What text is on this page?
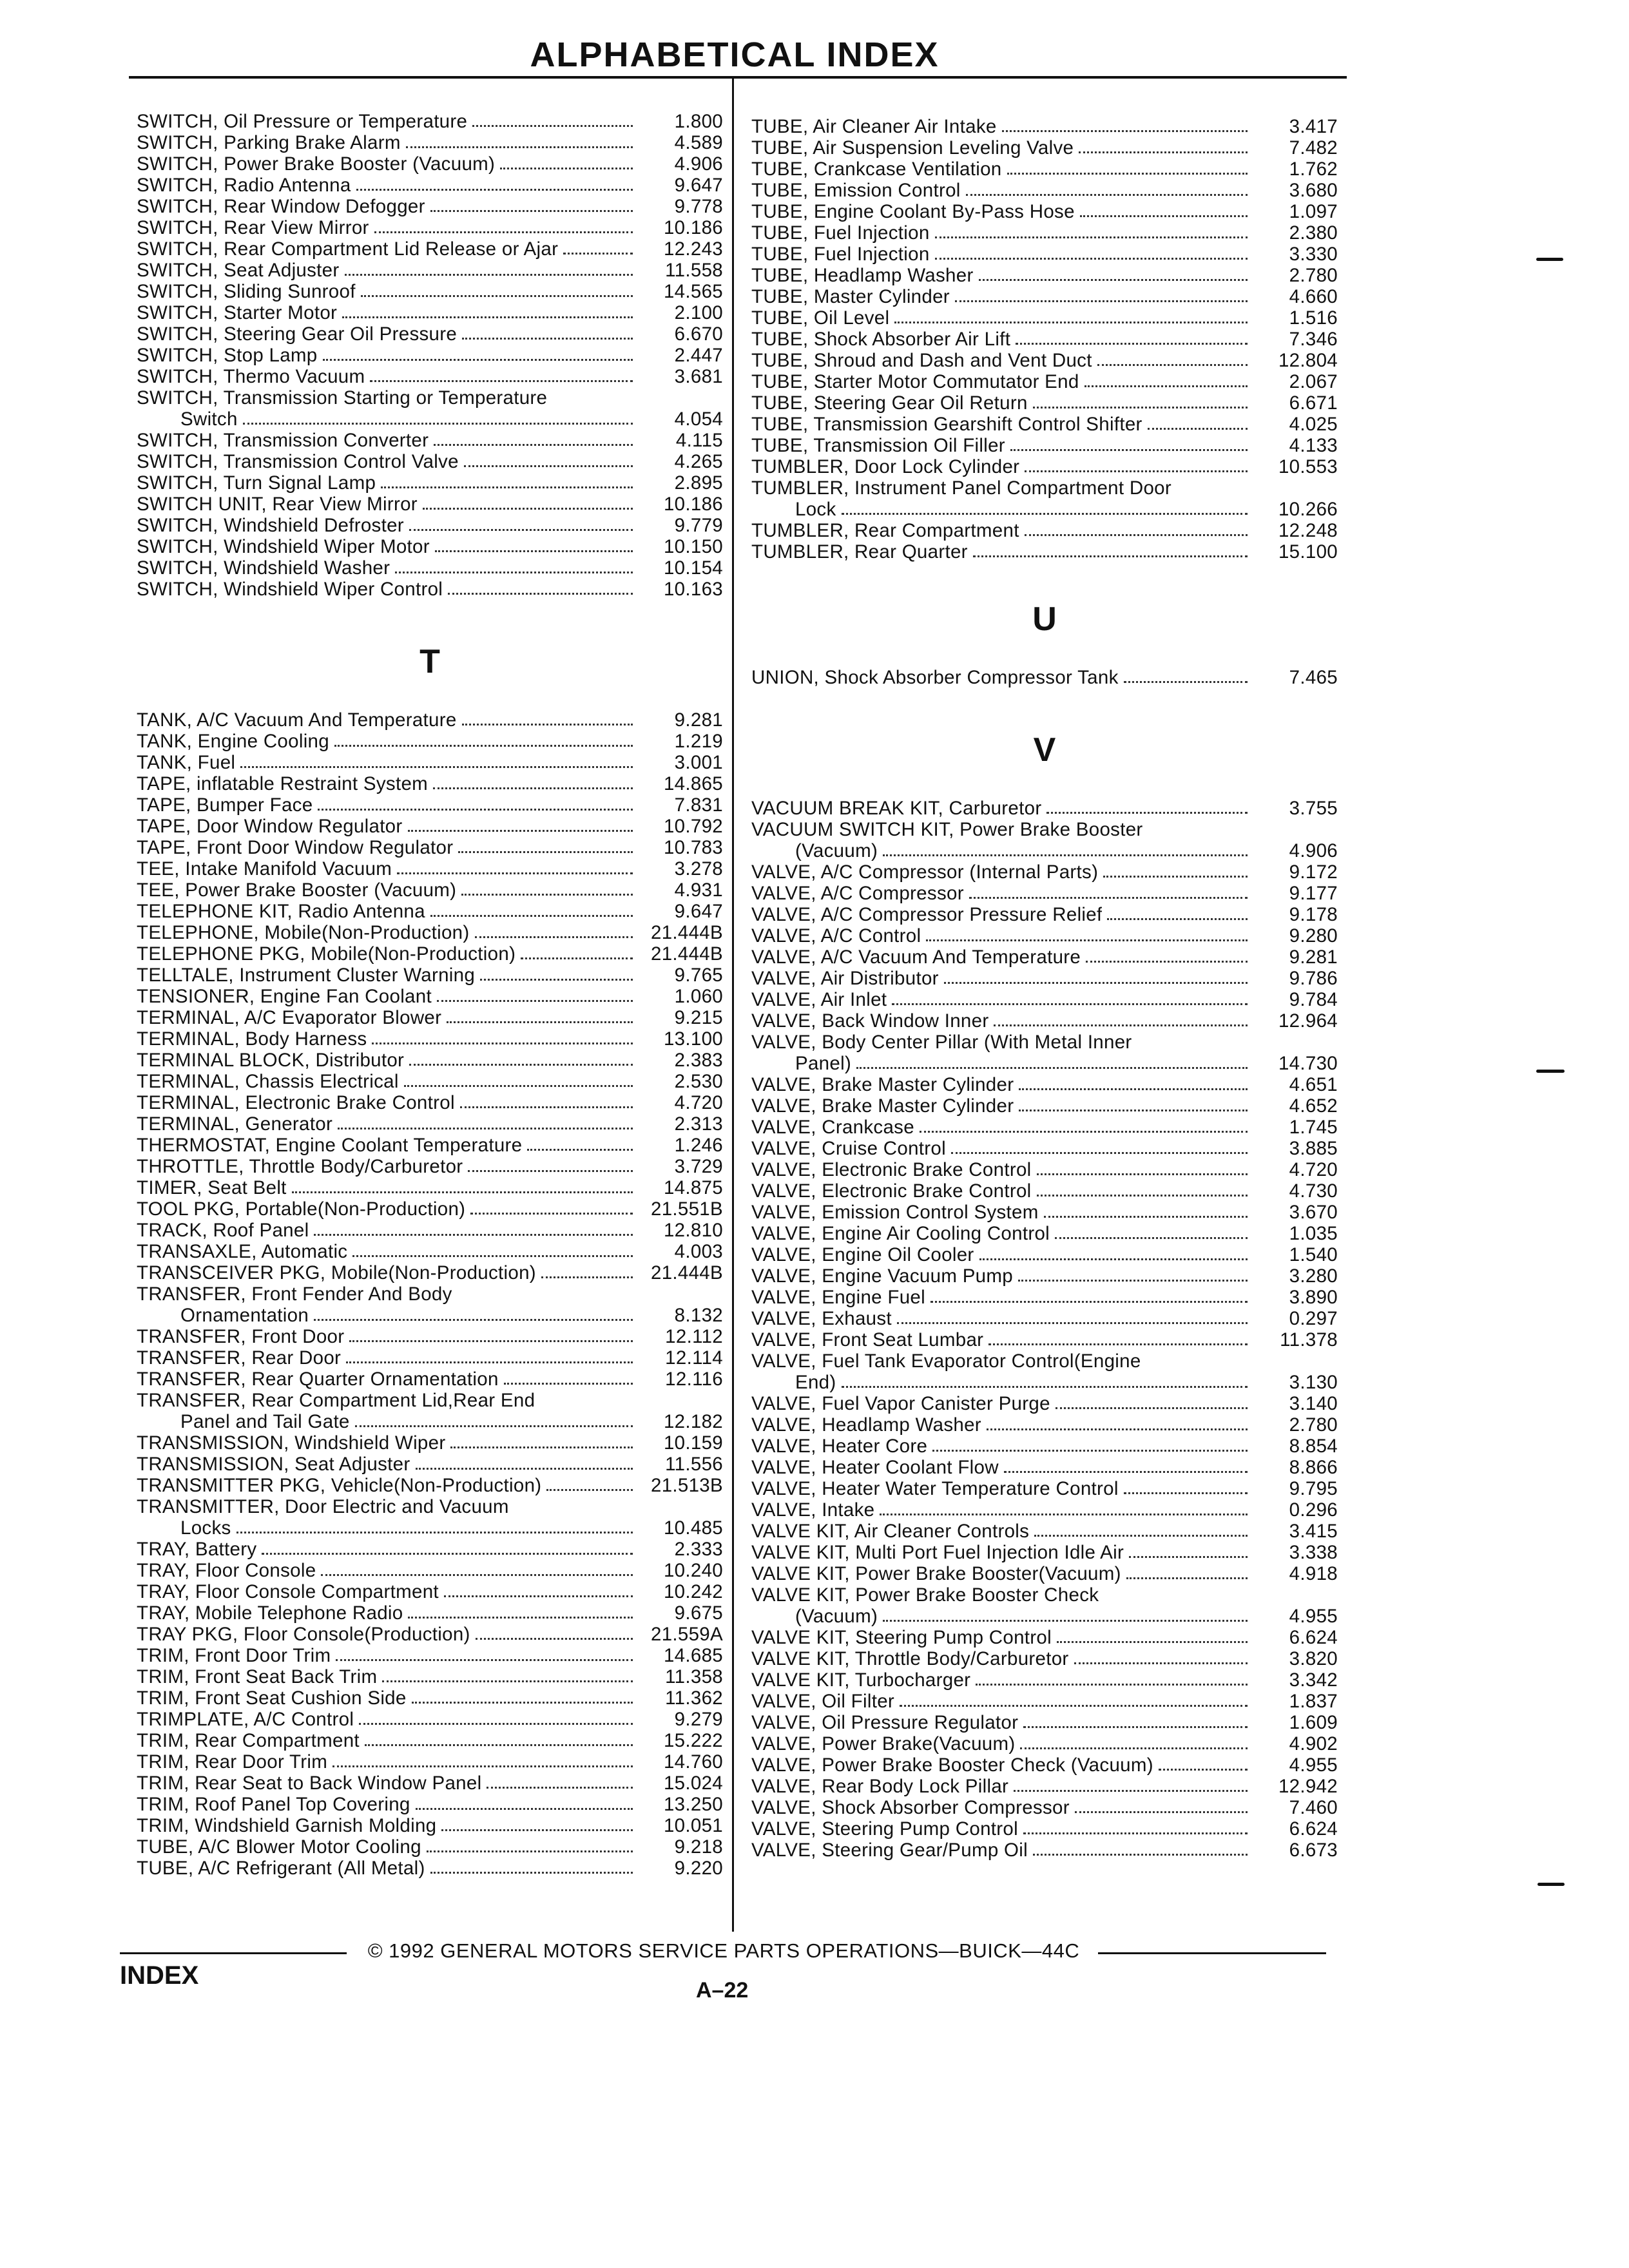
ALPHABETICAL INDEX
SWITCH, Oil Pressure or Temperature	1.800
SWITCH, Parking Brake Alarm	4.589
SWITCH, Power Brake Booster (Vacuum)	4.906
SWITCH, Radio Antenna	9.647
SWITCH, Rear Window Defogger	9.778
SWITCH, Rear View Mirror	10.186
SWITCH, Rear Compartment Lid Release or Ajar	12.243
SWITCH, Seat Adjuster	11.558
SWITCH, Sliding Sunroof	14.565
SWITCH, Starter Motor	2.100
SWITCH, Steering Gear Oil Pressure	6.670
SWITCH, Stop Lamp	2.447
SWITCH, Thermo Vacuum	3.681
SWITCH, Transmission Starting or Temperature
Switch	4.054
SWITCH, Transmission Converter	4.115
SWITCH, Transmission Control Valve	4.265
SWITCH, Turn Signal Lamp	2.895
SWITCH UNIT, Rear View Mirror	10.186
SWITCH, Windshield Defroster	9.779
SWITCH, Windshield Wiper Motor	10.150
SWITCH, Windshield Washer	10.154
SWITCH, Windshield Wiper Control	10.163
T
TANK, A/C Vacuum And Temperature	9.281
TANK, Engine Cooling	1.219
TANK, Fuel	3.001
TAPE, inflatable Restraint System	14.865
TAPE, Bumper Face	7.831
TAPE, Door Window Regulator	10.792
TAPE, Front Door Window Regulator	10.783
TEE, Intake Manifold Vacuum	3.278
TEE, Power Brake Booster (Vacuum)	4.931
TELEPHONE KIT, Radio Antenna	9.647
TELEPHONE, Mobile(Non-Production)	21.444B
TELEPHONE PKG, Mobile(Non-Production)	21.444B
TELLTALE, Instrument Cluster Warning	9.765
TENSIONER, Engine Fan Coolant	1.060
TERMINAL, A/C Evaporator Blower	9.215
TERMINAL, Body Harness	13.100
TERMINAL BLOCK, Distributor	2.383
TERMINAL, Chassis Electrical	2.530
TERMINAL, Electronic Brake Control	4.720
TERMINAL, Generator	2.313
THERMOSTAT, Engine Coolant Temperature	1.246
THROTTLE, Throttle Body/Carburetor	3.729
TIMER, Seat Belt	14.875
TOOL PKG, Portable(Non-Production)	21.551B
TRACK, Roof Panel	12.810
TRANSAXLE, Automatic	4.003
TRANSCEIVER PKG, Mobile(Non-Production)	21.444B
TRANSFER, Front Fender And Body
Ornamentation	8.132
TRANSFER, Front Door	12.112
TRANSFER, Rear Door	12.114
TRANSFER, Rear Quarter Ornamentation	12.116
TRANSFER, Rear Compartment Lid,Rear End
Panel and Tail Gate	12.182
TRANSMISSION, Windshield Wiper	10.159
TRANSMISSION, Seat Adjuster	11.556
TRANSMITTER PKG, Vehicle(Non-Production)	21.513B
TRANSMITTER, Door Electric and Vacuum
Locks	10.485
TRAY, Battery	2.333
TRAY, Floor Console	10.240
TRAY, Floor Console Compartment	10.242
TRAY, Mobile Telephone Radio	9.675
TRAY PKG, Floor Console(Production)	21.559A
TRIM, Front Door Trim	14.685
TRIM, Front Seat Back Trim	11.358
TRIM, Front Seat Cushion Side	11.362
TRIMPLATE, A/C Control	9.279
TRIM, Rear Compartment	15.222
TRIM, Rear Door Trim	14.760
TRIM, Rear Seat to Back Window Panel	15.024
TRIM, Roof Panel Top Covering	13.250
TRIM, Windshield Garnish Molding	10.051
TUBE, A/C Blower Motor Cooling	9.218
TUBE, A/C Refrigerant (All Metal)	9.220
TUBE, Air Cleaner Air Intake	3.417
TUBE, Air Suspension Leveling Valve	7.482
TUBE, Crankcase Ventilation	1.762
TUBE, Emission Control	3.680
TUBE, Engine Coolant By-Pass Hose	1.097
TUBE, Fuel Injection	2.380
TUBE, Fuel Injection	3.330
TUBE, Headlamp Washer	2.780
TUBE, Master Cylinder	4.660
TUBE, Oil Level	1.516
TUBE, Shock Absorber Air Lift	7.346
TUBE, Shroud and Dash and Vent Duct	12.804
TUBE, Starter Motor Commutator End	2.067
TUBE, Steering Gear Oil Return	6.671
TUBE, Transmission Gearshift Control Shifter	4.025
TUBE, Transmission Oil Filler	4.133
TUMBLER, Door Lock Cylinder	10.553
TUMBLER, Instrument Panel Compartment Door
Lock	10.266
TUMBLER, Rear Compartment	12.248
TUMBLER, Rear Quarter	15.100
U
UNION, Shock Absorber Compressor Tank	7.465
V
VACUUM BREAK KIT, Carburetor	3.755
VACUUM SWITCH KIT, Power Brake Booster
(Vacuum)	4.906
VALVE, A/C Compressor (Internal Parts)	9.172
VALVE, A/C Compressor	9.177
VALVE, A/C Compressor Pressure Relief	9.178
VALVE, A/C Control	9.280
VALVE, A/C Vacuum And Temperature	9.281
VALVE, Air Distributor	9.786
VALVE, Air Inlet	9.784
VALVE, Back Window Inner	12.964
VALVE, Body Center Pillar (With Metal Inner
Panel)	14.730
VALVE, Brake Master Cylinder	4.651
VALVE, Brake Master Cylinder	4.652
VALVE, Crankcase	1.745
VALVE, Cruise Control	3.885
VALVE, Electronic Brake Control	4.720
VALVE, Electronic Brake Control	4.730
VALVE, Emission Control System	3.670
VALVE, Engine Air Cooling Control	1.035
VALVE, Engine Oil Cooler	1.540
VALVE, Engine Vacuum Pump	3.280
VALVE, Engine Fuel	3.890
VALVE, Exhaust	0.297
VALVE, Front Seat Lumbar	11.378
VALVE, Fuel Tank Evaporator Control(Engine
End)	3.130
VALVE, Fuel Vapor Canister Purge	3.140
VALVE, Headlamp Washer	2.780
VALVE, Heater Core	8.854
VALVE, Heater Coolant Flow	8.866
VALVE, Heater Water Temperature Control	9.795
VALVE, Intake	0.296
VALVE KIT, Air Cleaner Controls	3.415
VALVE KIT, Multi Port Fuel Injection Idle Air	3.338
VALVE KIT, Power Brake Booster(Vacuum)	4.918
VALVE KIT, Power Brake Booster Check
(Vacuum)	4.955
VALVE KIT, Steering Pump Control	6.624
VALVE KIT, Throttle Body/Carburetor	3.820
VALVE KIT, Turbocharger	3.342
VALVE, Oil Filter	1.837
VALVE, Oil Pressure Regulator	1.609
VALVE, Power Brake(Vacuum)	4.902
VALVE, Power Brake Booster Check (Vacuum)	4.955
VALVE, Rear Body Lock Pillar	12.942
VALVE, Shock Absorber Compressor	7.460
VALVE, Steering Pump Control	6.624
VALVE, Steering Gear/Pump Oil	6.673
© 1992 GENERAL MOTORS SERVICE PARTS OPERATIONS—BUICK—44C
INDEX
A–22
